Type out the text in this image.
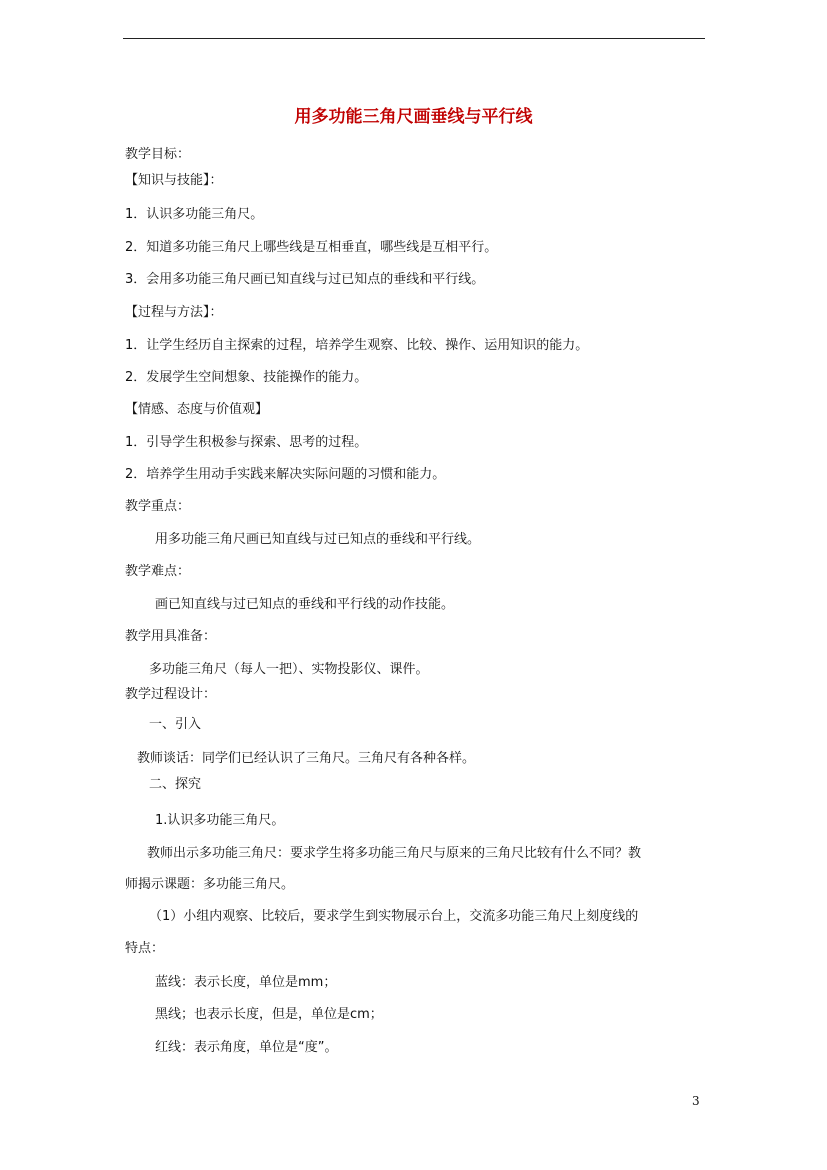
用多功能三角尺画垂线与平行线
教学目标：
【知识与技能】：
1．认识多功能三角尺。
2．知道多功能三角尺上哪些线是互相垂直，哪些线是互相平行。
3．会用多功能三角尺画已知直线与过已知点的垂线和平行线。
【过程与方法】：
1．让学生经历自主探索的过程，培养学生观察、比较、操作、运用知识的能力。
2．发展学生空间想象、技能操作的能力。
【情感、态度与价值观】
1．引导学生积极参与探索、思考的过程。
2．培养学生用动手实践来解决实际问题的习惯和能力。
教学重点：
用多功能三角尺画已知直线与过已知点的垂线和平行线。
教学难点：
画已知直线与过已知点的垂线和平行线的动作技能。
教学用具准备：
多功能三角尺（每人一把）、实物投影仪、课件。
教学过程设计：
一、引入
教师谈话：同学们已经认识了三角尺。三角尺有各种各样。
二、探究
1.认识多功能三角尺。
教师出示多功能三角尺：要求学生将多功能三角尺与原来的三角尺比较有什么不同？教
师揭示课题：多功能三角尺。
（1）小组内观察、比较后，要求学生到实物展示台上，交流多功能三角尺上刻度线的
特点：
蓝线：表示长度，单位是mm；
黑线；也表示长度，但是，单位是cm；
红线：表示角度，单位是“度”。
3
